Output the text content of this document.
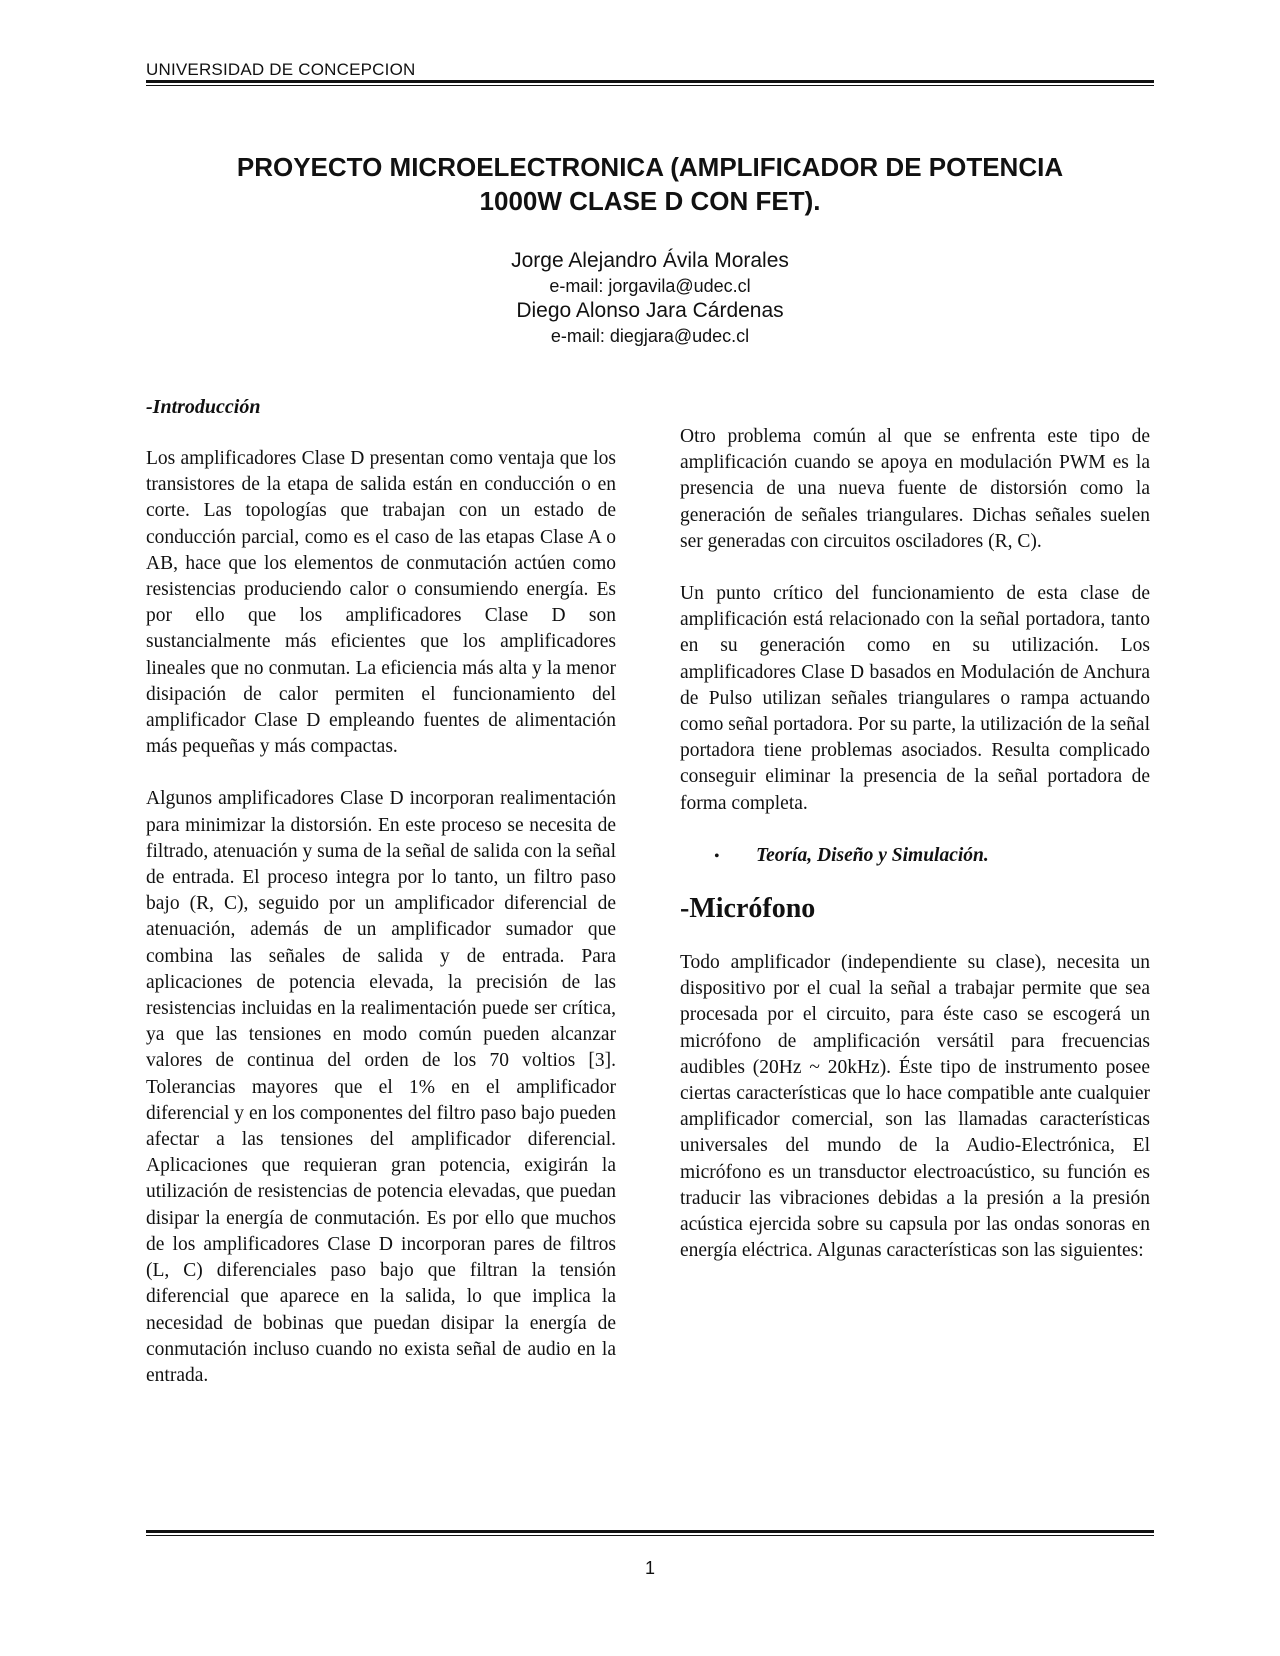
UNIVERSIDAD DE CONCEPCION
PROYECTO MICROELECTRONICA (AMPLIFICADOR DE POTENCIA
1000W CLASE D CON FET).
Jorge Alejandro Ávila Morales
e-mail: jorgavila@udec.cl
Diego Alonso Jara Cárdenas
e-mail: diegjara@udec.cl
-Introducción

Los amplificadores Clase D presentan como ventaja que los transistores de la etapa de salida están en conducción o en corte. Las topologías que trabajan con un estado de conducción parcial, como es el caso de las etapas Clase A o AB, hace que los elementos de conmutación actúen como resistencias produciendo calor o consumiendo energía. Es por ello que los amplificadores Clase D son sustancialmente más eficientes que los amplificadores lineales que no conmutan. La eficiencia más alta y la menor disipación de calor permiten el funcionamiento del amplificador Clase D empleando fuentes de alimentación más pequeñas y más compactas.

Algunos amplificadores Clase D incorporan realimentación para minimizar la distorsión. En este proceso se necesita de filtrado, atenuación y suma de la señal de salida con la señal de entrada. El proceso integra por lo tanto, un filtro paso bajo (R, C), seguido por un amplificador diferencial de atenuación, además de un amplificador sumador que combina las señales de salida y de entrada. Para aplicaciones de potencia elevada, la precisión de las resistencias incluidas en la realimentación puede ser crítica, ya que las tensiones en modo común pueden alcanzar valores de continua del orden de los 70 voltios [3]. Tolerancias mayores que el 1% en el amplificador diferencial y en los componentes del filtro paso bajo pueden afectar a las tensiones del amplificador diferencial. Aplicaciones que requieran gran potencia, exigirán la utilización de resistencias de potencia elevadas, que puedan disipar la energía de conmutación. Es por ello que muchos de los amplificadores Clase D incorporan pares de filtros (L, C) diferenciales paso bajo que filtran la tensión diferencial que aparece en la salida, lo que implica la necesidad de bobinas que puedan disipar la energía de conmutación incluso cuando no exista señal de audio en la entrada.

Otro problema común al que se enfrenta este tipo de amplificación cuando se apoya en modulación PWM es la presencia de una nueva fuente de distorsión como la generación de señales triangulares. Dichas señales suelen ser generadas con circuitos osciladores (R, C).

Un punto crítico del funcionamiento de esta clase de amplificación está relacionado con la señal portadora, tanto en su generación como en su utilización. Los amplificadores Clase D basados en Modulación de Anchura de Pulso utilizan señales triangulares o rampa actuando como señal portadora. Por su parte, la utilización de la señal portadora tiene problemas asociados. Resulta complicado conseguir eliminar la presencia de la señal portadora de forma completa.

•	Teoría, Diseño y Simulación.
-Micrófono

Todo amplificador (independiente su clase), necesita un dispositivo por el cual la señal a trabajar permite que sea procesada por el circuito, para éste caso se escogerá un micrófono de amplificación versátil para frecuencias audibles (20Hz ~ 20kHz). Éste tipo de instrumento posee ciertas características que lo hace compatible ante cualquier amplificador comercial, son las llamadas características universales del mundo de la Audio-Electrónica, El micrófono es un transductor electroacústico, su función es traducir las vibraciones debidas a la presión a la presión acústica ejercida sobre su capsula por las ondas sonoras en energía eléctrica. Algunas características son las siguientes:

1
